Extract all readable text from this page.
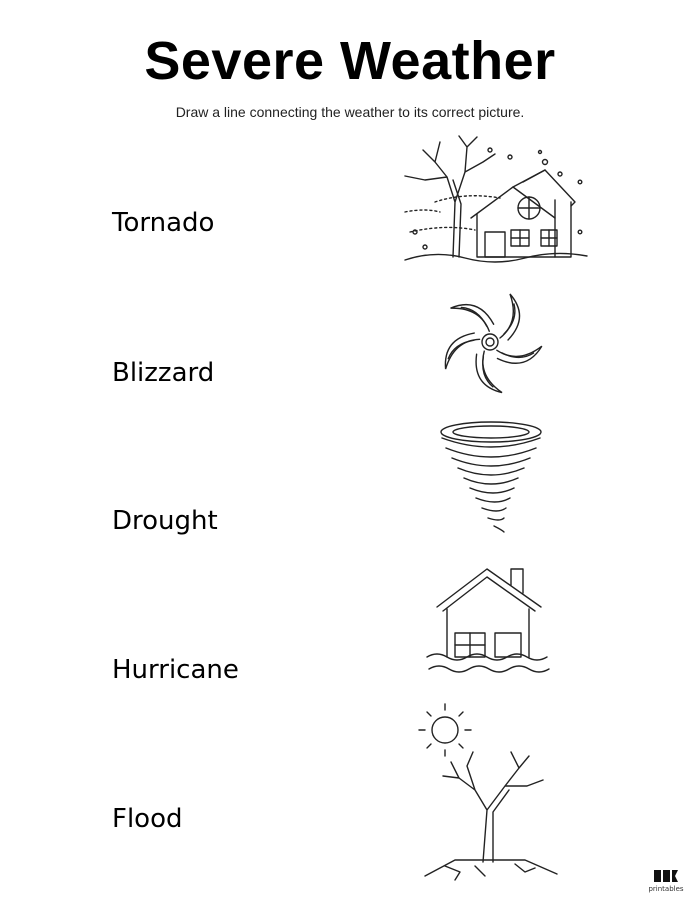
Severe Weather
Draw a line connecting the weather to its correct picture.
Tornado
Blizzard
Drought
Hurricane
Flood
printables
